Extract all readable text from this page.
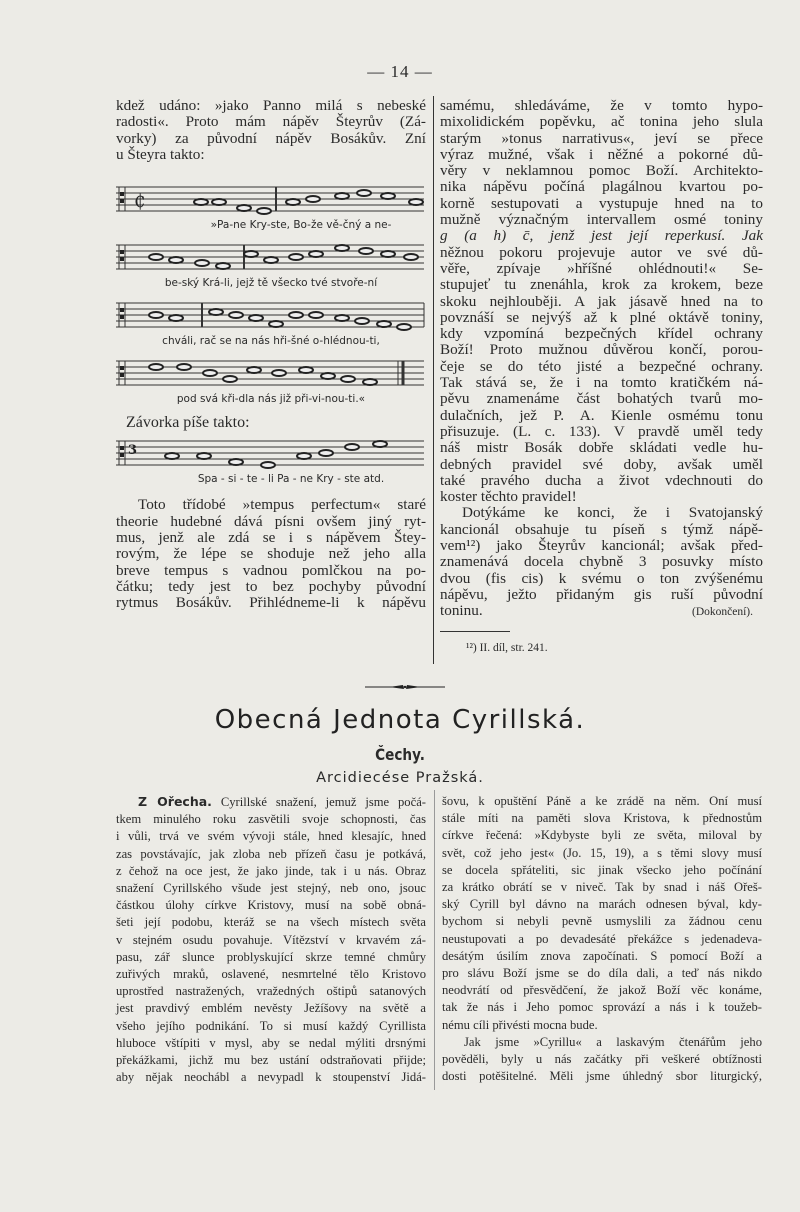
— 14 —

kdež udáno: »jako Panno milá s nebeské

radosti«. Proto mám nápěv Šteyrův (Zá-

vorky) za původní nápěv Bosákův. Zní

u Šteyra takto:

₵
»Pa-ne Kry-ste, Bo-že vě-čný a ne-
be-ský Krá-li, jejž tě všecko tvé stvoře-ní
chváli, rač se na nás hři-šné o-hlédnou-ti,
pod svá kři-dla nás již při-vi-nou-ti.«
Závorka píše takto:
3
Spa - si - te - li Pa - ne Kry - ste atd.

Toto třídobé »tempus perfectum« staré

theorie hudebné dává písni ovšem jiný ryt-

mus, jenž ale zdá se i s nápěvem Štey-

rovým, že lépe se shoduje než jeho alla

breve tempus s vadnou pomlčkou na po-

čátku; tedy jest to bez pochyby původní

rytmus Bosákův. Přihlédneme-li k nápěvu

samému, shledáváme, že v tomto hypo-

mixolidickém popěvku, ač tonina jeho slula

starým »tonus narrativus«, jeví se přece

výraz mužné, však i něžné a pokorné dů-

věry v neklamnou pomoc Boží. Architekto-

nika nápěvu počíná plagálnou kvartou po-

korně sestupovati a vystupuje hned na to

mužně význačným intervallem osmé toniny

g (a h) c̄, jenž jest její reperkusí. Jak

něžnou pokoru projevuje autor ve své dů-

věře, zpívaje »hříšné ohlédnouti!« Se-

stupujeť tu znenáhla, krok za krokem, beze

skoku nejhlouběji. A jak jásavě hned na to

povznáší se nejvýš až k plné oktávě toniny,

kdy vzpomíná bezpečných křídel ochrany

Boží! Proto mužnou důvěrou končí, porou-

čeje se do této jisté a bezpečné ochrany.

Tak stává se, že i na tomto kratičkém ná-

pěvu znamenáme část bohatých tvarů mo-

dulačních, jež P. A. Kienle osmému tonu

přisuzuje. (L. c. 133). V pravdě uměl tedy

náš mistr Bosák dobře skládati vedle hu-

debných pravidel své doby, avšak uměl

také pravého ducha a život vdechnouti do

koster těchto pravidel!

Dotýkáme ke konci, že i Svatojanský

kancionál obsahuje tu píseň s týmž nápě-

vem¹²) jako Šteyrův kancionál; avšak před-

znamenává docela chybně 3 posuvky místo

dvou (fis cis) k svému o ton zvýšenému

nápěvu, ježto přidaným gis ruší původní

toninu.	(Dokončení).
¹²) II. díl, str. 241.
Obecná Jednota Cyrillská.
Čechy.
Arcidiecése Pražská.

Z Ořecha. Cyrillské snažení, jemuž jsme počá-

tkem minulého roku zasvětili svoje schopnosti, čas

i vůli, trvá ve svém vývoji stále, hned klesajíc, hned

zas povstávajíc, jak zloba neb přízeň času je potkává,

z čehož na oce jest, že jako jinde, tak i u nás. Obraz

snažení Cyrillského všude jest stejný, neb ono, jsouc

částkou úlohy církve Kristovy, musí na sobě obná-

šeti její podobu, kteráž se na všech místech světa

v stejném osudu povahuje. Vítězství v krvavém zá-

pasu, zář slunce problyskující skrze temné chmůry

zuřivých mraků, oslavené, nesmrtelné tělo Kristovo

uprostřed nastražených, vražedných oštipů satanových

jest pravdivý emblém nevěsty Ježíšovy na světě a

všeho jejího podnikání. To si musí každý Cyrillista

hluboce vštípiti v mysl, aby se nedal mýliti drsnými

překážkami, jichž mu bez ustání odstraňovati přijde;

aby nějak neochábl a nevypadl k stoupenství Jidá-

šovu, k opuštění Páně a ke zrádě na něm. Oní musí

stále míti na paměti slova Kristova, k přednostům

církve řečená: »Kdybyste byli ze světa, miloval by

svět, což jeho jest« (Jo. 15, 19), a s těmi slovy musí

se docela spřáteliti, sic jinak všecko jeho počínání

za krátko obrátí se v niveč. Tak by snad i náš Ořeš-

ský Cyrill byl dávno na marách odnesen býval, kdy-

bychom si nebyli pevně usmyslili za žádnou cenu

neustupovati a po devadesáté překážce s jedenadeva-

desátým úsilím znova započínati. S pomocí Boží a

pro slávu Boží jsme se do díla dali, a teď nás nikdo

neodvrátí od přesvědčení, že jakož Boží věc konáme,

tak že nás i Jeho pomoc sprovází a nás i k toužeb-

nému cíli přivésti mocna bude.

Jak jsme »Cyrillu« a laskavým čtenářům jeho

pověděli, byly u nás začátky při veškeré obtížnosti

dosti potěšitelné. Měli jsme úhledný sbor liturgický,
